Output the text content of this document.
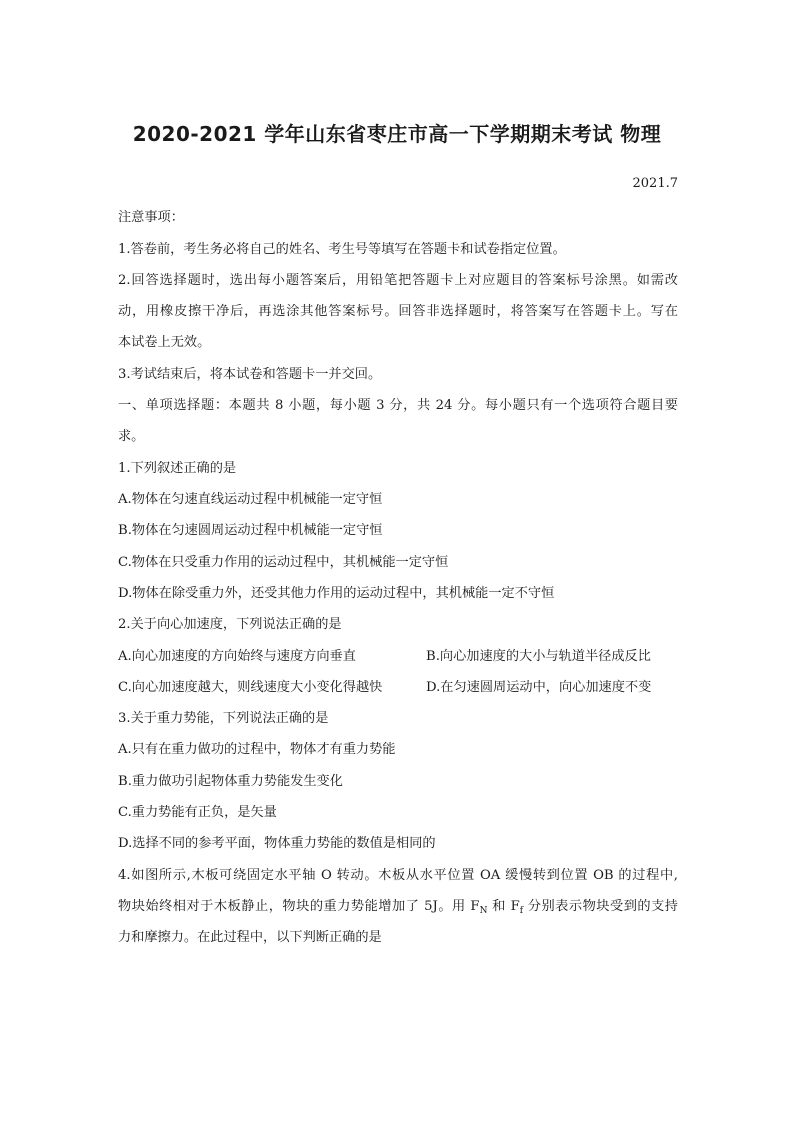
2020-2021 学年山东省枣庄市高一下学期期末考试 物理
2021.7
注意事项：
1.答卷前，考生务必将自己的姓名、考生号等填写在答题卡和试卷指定位置。
2.回答选择题时，选出每小题答案后，用铅笔把答题卡上对应题目的答案标号涂黑。如需改
动，用橡皮擦干净后，再选涂其他答案标号。回答非选择题时，将答案写在答题卡上。写在
本试卷上无效。
3.考试结束后，将本试卷和答题卡一并交回。
一、单项选择题：本题共 8 小题，每小题 3 分，共 24 分。每小题只有一个选项符合题目要
求。
1.下列叙述正确的是
A.物体在匀速直线运动过程中机械能一定守恒
B.物体在匀速圆周运动过程中机械能一定守恒
C.物体在只受重力作用的运动过程中，其机械能一定守恒
D.物体在除受重力外，还受其他力作用的运动过程中，其机械能一定不守恒
2.关于向心加速度，下列说法正确的是
A.向心加速度的方向始终与速度方向垂直	B.向心加速度的大小与轨道半径成反比
C.向心加速度越大，则线速度大小变化得越快	D.在匀速圆周运动中，向心加速度不变
3.关于重力势能，下列说法正确的是
A.只有在重力做功的过程中，物体才有重力势能
B.重力做功引起物体重力势能发生变化
C.重力势能有正负，是矢量
D.选择不同的参考平面，物体重力势能的数值是相同的
4.如图所示,木板可绕固定水平轴 O 转动。木板从水平位置 OA 缓慢转到位置 OB 的过程中,
物块始终相对于木板静止，物块的重力势能增加了 5J。用 $F_N$ 和 $F_f$ 分别表示物块受到的支持
力和摩擦力。在此过程中，以下判断正确的是
